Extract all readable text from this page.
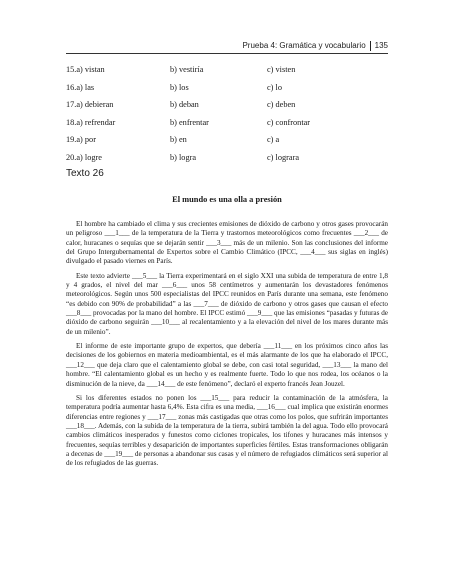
Prueba 4: Gramática y vocabulario 135
15.a) vistan	b) vestiría	c) visten
16.a) las	b) los	c) lo
17.a) debieran	b) deban	c) deben
18.a) refrendar	b) enfrentar	c) confrontar
19.a) por	b) en	c) a
20.a) logre	b) logra	c) lograra
Texto 26
El mundo es una olla a presión

El hombre ha cambiado el clima y sus crecientes emisiones de dióxido de carbono y otros gases provocarán un peligroso ___1___ de la temperatura de la Tierra y trastornos meteorológicos como frecuentes ___2___ de calor, huracanes o sequías que se dejarán sentir ___3___ más de un milenio. Son las conclusiones del informe del Grupo Intergubernamental de Expertos sobre el Cambio Climático (IPCC, ___4___ sus siglas en inglés) divulgado el pasado viernes en París.

Este texto advierte ___5___ la Tierra experimentará en el siglo XXI una subida de temperatura de entre 1,8 y 4 grados, el nivel del mar ___6___ unos 58 centímetros y aumentarán los devastadores fenómenos meteorológicos. Según unos 500 especialistas del IPCC reunidos en París durante una semana, este fenómeno “es debido con 90% de probabilidad” a las ___7___ de dióxido de carbono y otros gases que causan el efecto ___8___ provocadas por la mano del hombre. El IPCC estimó ___9___ que las emisiones “pasadas y futuras de dióxido de carbono seguirán ___10___ al recalentamiento y a la elevación del nivel de los mares durante más de un milenio”.

El informe de este importante grupo de expertos, que debería ___11___ en los próximos cinco años las decisiones de los gobiernos en materia medioambiental, es el más alarmante de los que ha elaborado el IPCC, ___12___ que deja claro que el calentamiento global se debe, con casi total seguridad, ___13___ la mano del hombre. “El calentamiento global es un hecho y es realmente fuerte. Todo lo que nos rodea, los océanos o la disminución de la nieve, da ___14___ de este fenómeno”, declaró el experto francés Jean Jouzel.

Si los diferentes estados no ponen los ___15___ para reducir la contaminación de la atmósfera, la temperatura podría aumentar hasta 6,4%. Esta cifra es una media, ___16___ cual implica que existirán enormes diferencias entre regiones y ___17___ zonas más castigadas que otras como los polos, que sufrirán importantes ___18___. Además, con la subida de la temperatura de la tierra, subirá también la del agua. Todo ello provocará cambios climáticos inesperados y funestos como ciclones tropicales, los tifones y huracanes más intensos y frecuentes, sequías terribles y desaparición de importantes superficies fértiles. Estas transformaciones obligarán a decenas de ___19___ de personas a abandonar sus casas y el número de refugiados climáticos será superior al de los refugiados de las guerras.
